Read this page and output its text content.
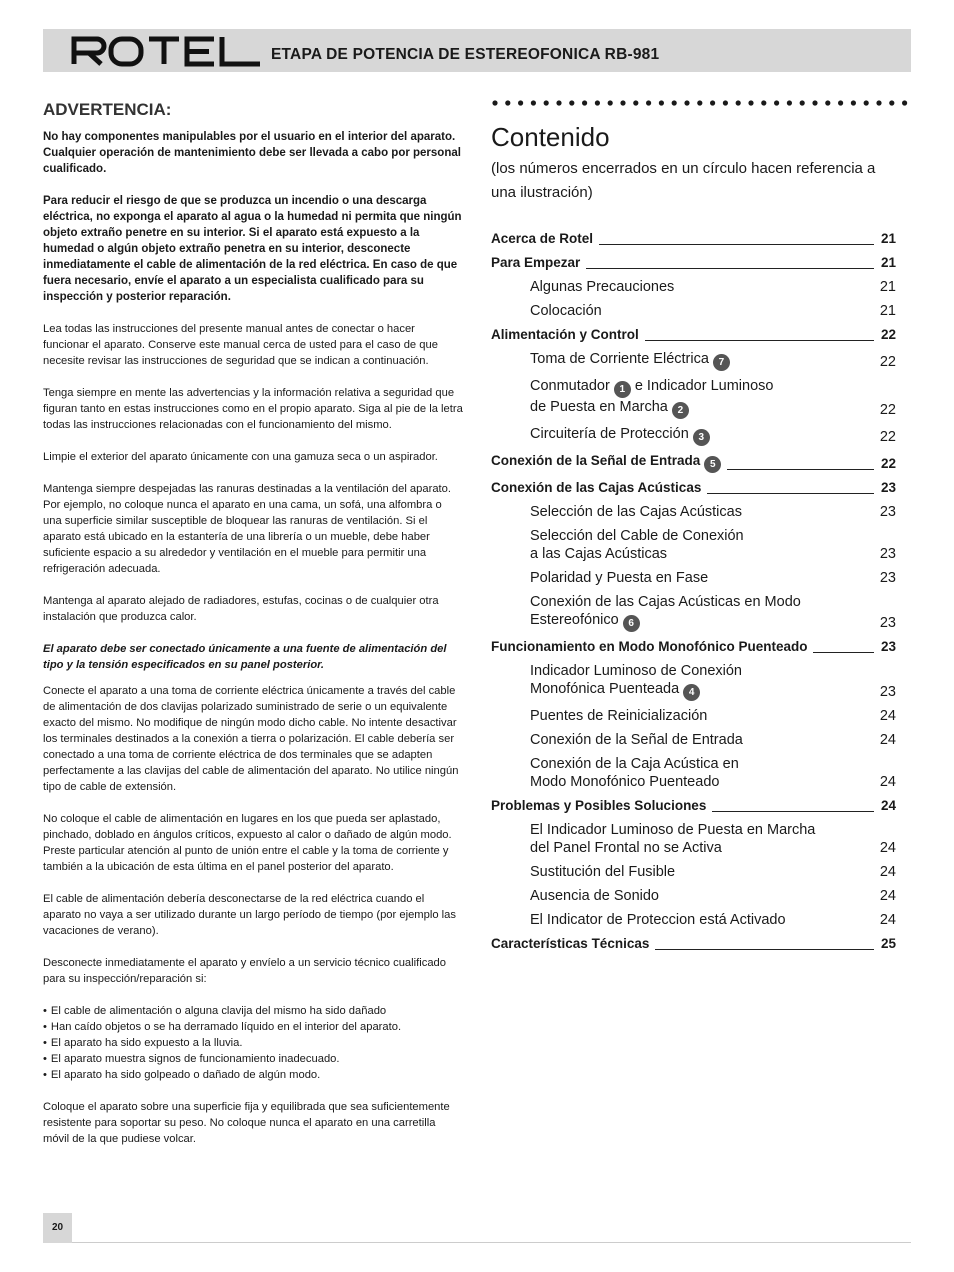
ETAPA DE POTENCIA DE ESTEREOFONICA RB-981
ADVERTENCIA:

No hay componentes manipulables por el usuario en el interior del aparato. Cualquier operación de mantenimiento debe ser llevada a cabo por personal cualificado.

Para reducir el riesgo de que se produzca un incendio o una descarga eléctrica, no exponga el aparato al agua o la humedad ni permita que ningún objeto extraño penetre en su interior. Si el aparato está expuesto a la humedad o algún objeto extraño penetra en su interior, desconecte inmediatamente el cable de alimentación de la red eléctrica. En caso de que fuera necesario, envíe el aparato a un especialista cualificado para su inspección y posterior reparación.

Lea todas las instrucciones del presente manual antes de conectar o hacer funcionar el aparato. Conserve este manual cerca de usted para el caso de que necesite revisar las instrucciones de seguridad que se indican a continuación.

Tenga siempre en mente las advertencias y la información relativa a seguridad que figuran tanto en estas instrucciones como en el propio aparato. Siga al pie de la letra todas las instrucciones relacionadas con el funcionamiento del mismo.

Limpie el exterior del aparato únicamente con una gamuza seca o un aspirador.

Mantenga siempre despejadas las ranuras destinadas a la ventilación del aparato. Por ejemplo, no coloque nunca el aparato en una cama, un sofá, una alfombra o una superficie similar susceptible de bloquear las ranuras de ventilación. Si el aparato está ubicado en la estantería de una librería o un mueble, debe haber suficiente espacio a su alrededor y ventilación en el mueble para permitir una refrigeración adecuada.

Mantenga al aparato alejado de radiadores, estufas, cocinas o de cualquier otra instalación que produzca calor.

El aparato debe ser conectado únicamente a una fuente de alimentación del tipo y la tensión especificados en su panel posterior.

Conecte el aparato a una toma de corriente eléctrica únicamente a través del cable de alimentación de dos clavijas polarizado suministrado de serie o un equivalente exacto del mismo. No modifique de ningún modo dicho cable. No intente desactivar los terminales destinados a la conexión a tierra o polarización. El cable debería ser conectado a una toma de corriente eléctrica de dos terminales que se adapten perfectamente a las clavijas del cable de alimentación del aparato. No utilice ningún tipo de cable de extensión.

No coloque el cable de alimentación en lugares en los que pueda ser aplastado, pinchado, doblado en ángulos críticos, expuesto al calor o dañado de algún modo. Preste particular atención al punto de unión entre el cable y la toma de corriente y también a la ubicación de esta última en el panel posterior del aparato.

El cable de alimentación debería desconectarse de la red eléctrica cuando el aparato no vaya a ser utilizado durante un largo período de tiempo (por ejemplo las vacaciones de verano).

Desconecte inmediatamente el aparato y envíelo a un servicio técnico cualificado para su inspección/reparación si:

• El cable de alimentación o alguna clavija del mismo ha sido dañado
• Han caído objetos o se ha derramado líquido en el interior del aparato.
• El aparato ha sido expuesto a la lluvia.
• El aparato muestra signos de funcionamiento inadecuado.
• El aparato ha sido golpeado o dañado de algún modo.

Coloque el aparato sobre una superficie fija y equilibrada que sea suficientemente resistente para soportar su peso. No coloque nunca el aparato en una carretilla móvil de la que pudiese volcar.

Contenido

(los números encerrados en un círculo hacen referencia a una ilustración)

Acerca de Rotel	21
Para Empezar	21
Algunas Precauciones	21
Colocación	21
Alimentación y Control	22
Toma de Corriente Eléctrica 7	22
Conmutador 1 e Indicador Luminoso
de Puesta en Marcha 2	22
Circuitería de Protección 3	22
Conexión de la Señal de Entrada 5	22
Conexión de las Cajas Acústicas	23
Selección de las Cajas Acústicas	23
Selección del Cable de Conexión
a las Cajas Acústicas	23
Polaridad y Puesta en Fase	23
Conexión de las Cajas Acústicas en Modo
Estereofónico 6	23
Funcionamiento en Modo Monofónico Puenteado	23
Indicador Luminoso de Conexión
Monofónica Puenteada 4	23
Puentes de Reinicialización	24
Conexión de la Señal de Entrada	24
Conexión de la Caja Acústica en
Modo Monofónico Puenteado	24
Problemas y Posibles Soluciones	24
El Indicador Luminoso de Puesta en Marcha
del Panel Frontal no se Activa	24
Sustitución del Fusible	24
Ausencia de Sonido	24
El Indicator de Proteccion está Activado	24
Características Técnicas	25
20
